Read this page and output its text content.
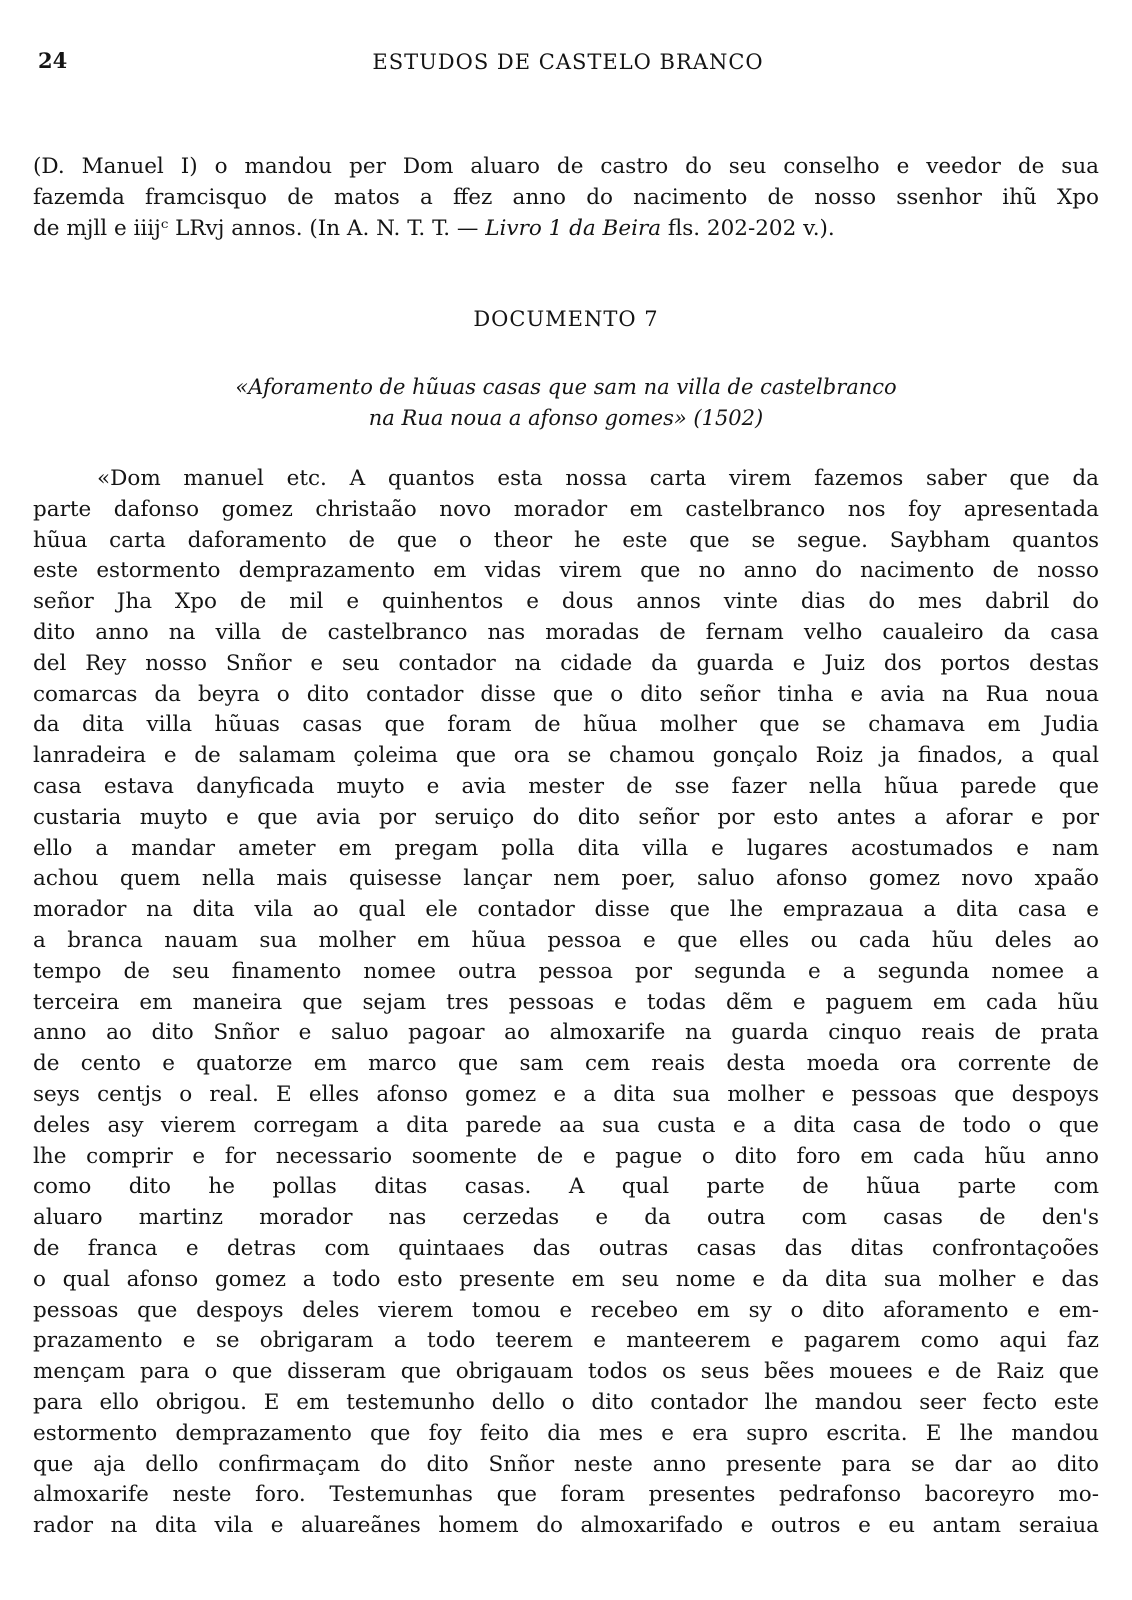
24	ESTUDOS DE CASTELO BRANCO
(D. Manuel I) o mandou per Dom aluaro de castro do seu conselho e veedor de sua
fazemda framcisquo de matos a ffez anno do nacimento de nosso ssenhor ihũ Xpo
de mjll e iiijᶜ LRvj annos. (In A. N. T. T. — Livro 1 da Beira fls. 202-202 v.).
DOCUMENTO 7
«Aforamento de hũuas casas que sam na villa de castelbranco
na Rua noua a afonso gomes» (1502)
«Dom manuel etc. A quantos esta nossa carta virem fazemos saber que da
parte dafonso gomez christaão novo morador em castelbranco nos foy apresentada
hũua carta daforamento de que o theor he este que se segue. Saybham quantos
este estormento demprazamento em vidas virem que no anno do nacimento de nosso
señor Jha Xpo de mil e quinhentos e dous annos vinte dias do mes dabril do
dito anno na villa de castelbranco nas moradas de fernam velho caualeiro da casa
del Rey nosso Snñor e seu contador na cidade da guarda e Juiz dos portos destas
comarcas da beyra o dito contador disse que o dito señor tinha e avia na Rua noua
da dita villa hũuas casas que foram de hũua molher que se chamava em Judia
lanradeira e de salamam çoleima que ora se chamou gonçalo Roiz ja finados, a qual
casa estava danyficada muyto e avia mester de sse fazer nella hũua parede que
custaria muyto e que avia por seruiço do dito señor por esto antes a aforar e por
ello a mandar ameter em pregam polla dita villa e lugares acostumados e nam
achou quem nella mais quisesse lançar nem poer, saluo afonso gomez novo xpaão
morador na dita vila ao qual ele contador disse que lhe emprazaua a dita casa e
a branca nauam sua molher em hũua pessoa e que elles ou cada hũu deles ao
tempo de seu finamento nomee outra pessoa por segunda e a segunda nomee a
terceira em maneira que sejam tres pessoas e todas dẽm e paguem em cada hũu
anno ao dito Snñor e saluo pagoar ao almoxarife na guarda cinquo reais de prata
de cento e quatorze em marco que sam cem reais desta moeda ora corrente de
seys centjs o real. E elles afonso gomez e a dita sua molher e pessoas que despoys
deles asy vierem corregam a dita parede aa sua custa e a dita casa de todo o que
lhe comprir e for necessario soomente de e pague o dito foro em cada hũu anno
como dito he pollas ditas casas. A qual parte de hũua parte com
aluaro martinz morador nas cerzedas e da outra com casas de den's
de franca e detras com quintaaes das outras casas das ditas confrontaçoões
o qual afonso gomez a todo esto presente em seu nome e da dita sua molher e das
pessoas que despoys deles vierem tomou e recebeo em sy o dito aforamento e em-
prazamento e se obrigaram a todo teerem e manteerem e pagarem como aqui faz
mençam para o que disseram que obrigauam todos os seus bẽes mouees e de Raiz que
para ello obrigou. E em testemunho dello o dito contador lhe mandou seer fecto este
estormento demprazamento que foy feito dia mes e era supro escrita. E lhe mandou
que aja dello confirmaçam do dito Snñor neste anno presente para se dar ao dito
almoxarife neste foro. Testemunhas que foram presentes pedrafonso bacoreyro mo-
rador na dita vila e aluareãnes homem do almoxarifado e outros e eu antam seraiua
